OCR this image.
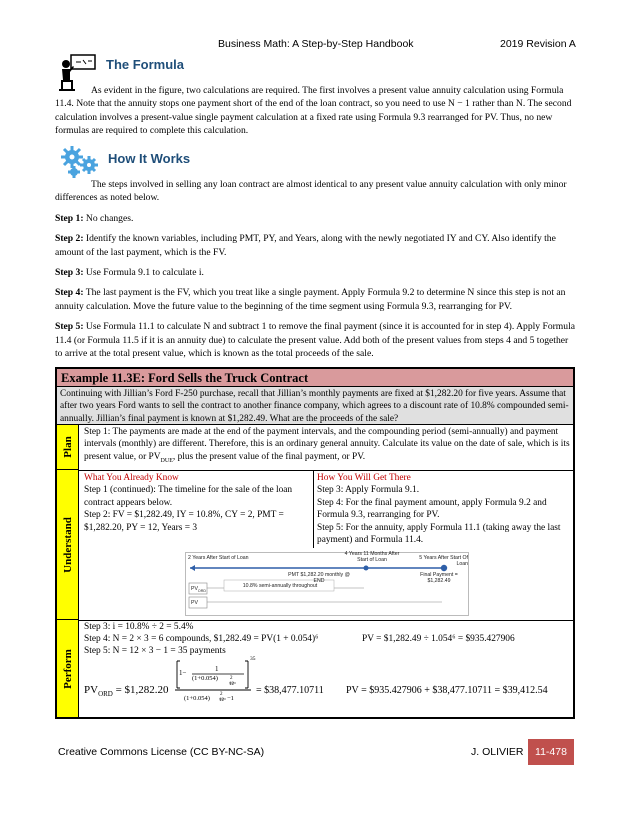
Business Math: A Step-by-Step Handbook	2019 Revision A
The Formula

As evident in the figure, two calculations are required. The first involves a present value annuity calculation using Formula 11.4. Note that the annuity stops one payment short of the end of the loan contract, so you need to use N − 1 rather than N. The second calculation involves a present-value single payment calculation at a fixed rate using Formula 9.3 rearranged for PV. Thus, no new formulas are required to complete this calculation.

How It Works

The steps involved in selling any loan contract are almost identical to any present value annuity calculation with only minor differences as noted below.

Step 1: No changes.

Step 2: Identify the known variables, including PMT, PY, and Years, along with the newly negotiated IY and CY. Also identify the amount of the last payment, which is the FV.

Step 3: Use Formula 9.1 to calculate i.

Step 4: The last payment is the FV, which you treat like a single payment. Apply Formula 9.2 to determine N since this step is not an annuity calculation. Move the future value to the beginning of the time segment using Formula 9.3, rearranging for PV.

Step 5: Use Formula 11.1 to calculate N and subtract 1 to remove the final payment (since it is accounted for in step 4). Apply Formula 11.4 (or Formula 11.5 if it is an annuity due) to calculate the present value. Add both of the present values from steps 4 and 5 together to arrive at the total present value, which is known as the total proceeds of the sale.

Example 11.3E: Ford Sells the Truck Contract
Continuing with Jillian’s Ford F-250 purchase, recall that Jillian’s monthly payments are fixed at $1,282.20 for five years. Assume that after two years Ford wants to sell the contract to another finance company, which agrees to a discount rate of 10.8% compounded semi-annually. Jillian’s final payment is known at $1,282.49. What are the proceeds of the sale?
Plan
Step 1: The payments are made at the end of the payment intervals, and the compounding period (semi-annually) and payment intervals (monthly) are different. Therefore, this is an ordinary general annuity. Calculate its value on the date of sale, which is its present value, or $PV_{DUE}$, plus the present value of the final payment, or PV.
Understand
What You Already Know
Step 1 (continued): The timeline for the sale of the loan contract appears below.
Step 2: FV = $1,282.49, IY = 10.8%, CY = 2, PMT = $1,282.20, PY = 12, Years = 3
How You Will Get There
Step 3: Apply Formula 9.1.
Step 4: For the final payment amount, apply Formula 9.2 and Formula 9.3, rearranging for PV.
Step 5: For the annuity, apply Formula 11.1 (taking away the last payment) and Formula 11.4.
2 Years After Start of Loan
4 Years 11 Months After Start of Loan	5 Years After Start Of Loan
PMT $1,282.20 monthly @ END
Final Payment = $1,282.49
10.8% semi-annually throughout
$PV_{ORD}$
PV
Perform
Step 3: i = 10.8% ÷ 2 = 5.4%
Step 4: N = 2 × 3 = 6 compounds, $1,282.49 = PV(1 + 0.054)⁶	PV = $1,282.49 ÷ 1.054⁶ = $935.427906
Step 5: N = 12 × 3 − 1 = 35 payments
$PV_{ORD}$ = $1,282.20
1−	1
(1+0.054) 2
12
35
(1+0.054)
2
12 −1
= $38,477.10711 PV = $935.427906 + $38,477.10711 = $39,412.54
Creative Commons License (CC BY-NC-SA)	J. OLIVIER	11-478
